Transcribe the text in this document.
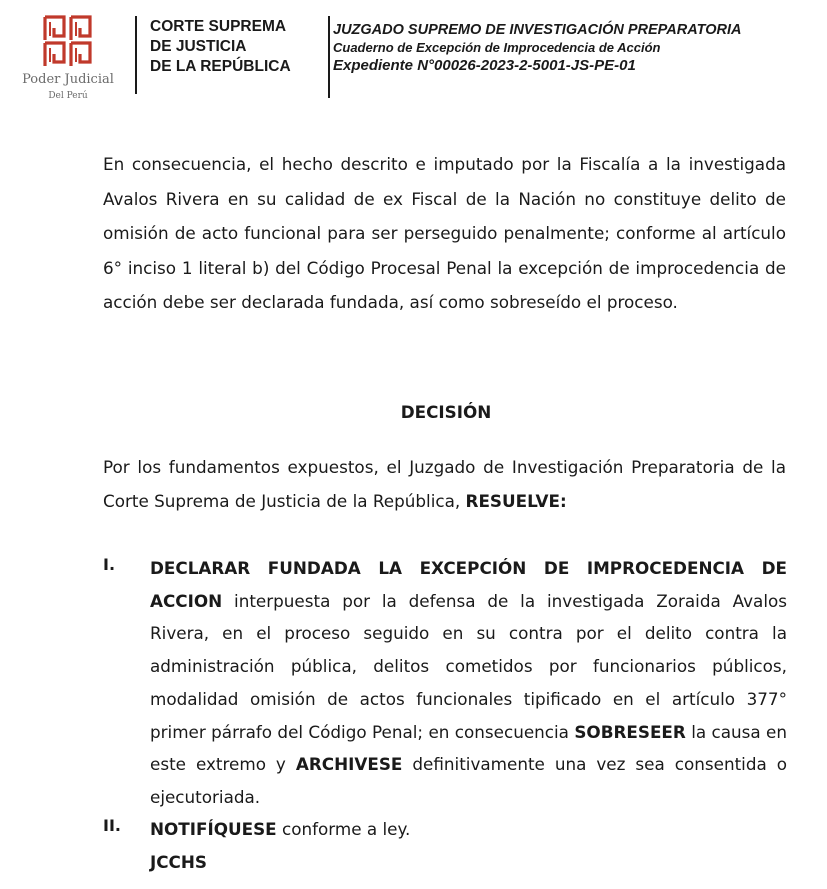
Poder Judicial
Del Perú
CORTE SUPREMA
DE JUSTICIA
DE LA REPÚBLICA
JUZGADO SUPREMO DE INVESTIGACIÓN PREPARATORIA
Cuaderno de Excepción de Improcedencia de Acción
Expediente N°00026-2023-2-5001-JS-PE-01
En consecuencia, el hecho descrito e imputado por la Fiscalía a la investigada Avalos Rivera en su calidad de ex Fiscal de la Nación no constituye delito de omisión de acto funcional para ser perseguido penalmente; conforme al artículo 6° inciso 1 literal b) del Código Procesal Penal la excepción de improcedencia de acción debe ser declarada fundada, así como sobreseído el proceso.
DECISIÓN
Por los fundamentos expuestos, el Juzgado de Investigación Preparatoria de la Corte Suprema de Justicia de la República, RESUELVE:
I. DECLARAR FUNDADA LA EXCEPCIÓN DE IMPROCEDENCIA DE ACCION interpuesta por la defensa de la investigada Zoraida Avalos Rivera, en el proceso seguido en su contra por el delito contra la administración pública, delitos cometidos por funcionarios públicos, modalidad omisión de actos funcionales tipificado en el artículo 377° primer párrafo del Código Penal; en consecuencia SOBRESEER la causa en este extremo y ARCHIVESE definitivamente una vez sea consentida o ejecutoriada.
II. NOTIFÍQUESE conforme a ley.
JCCHS
